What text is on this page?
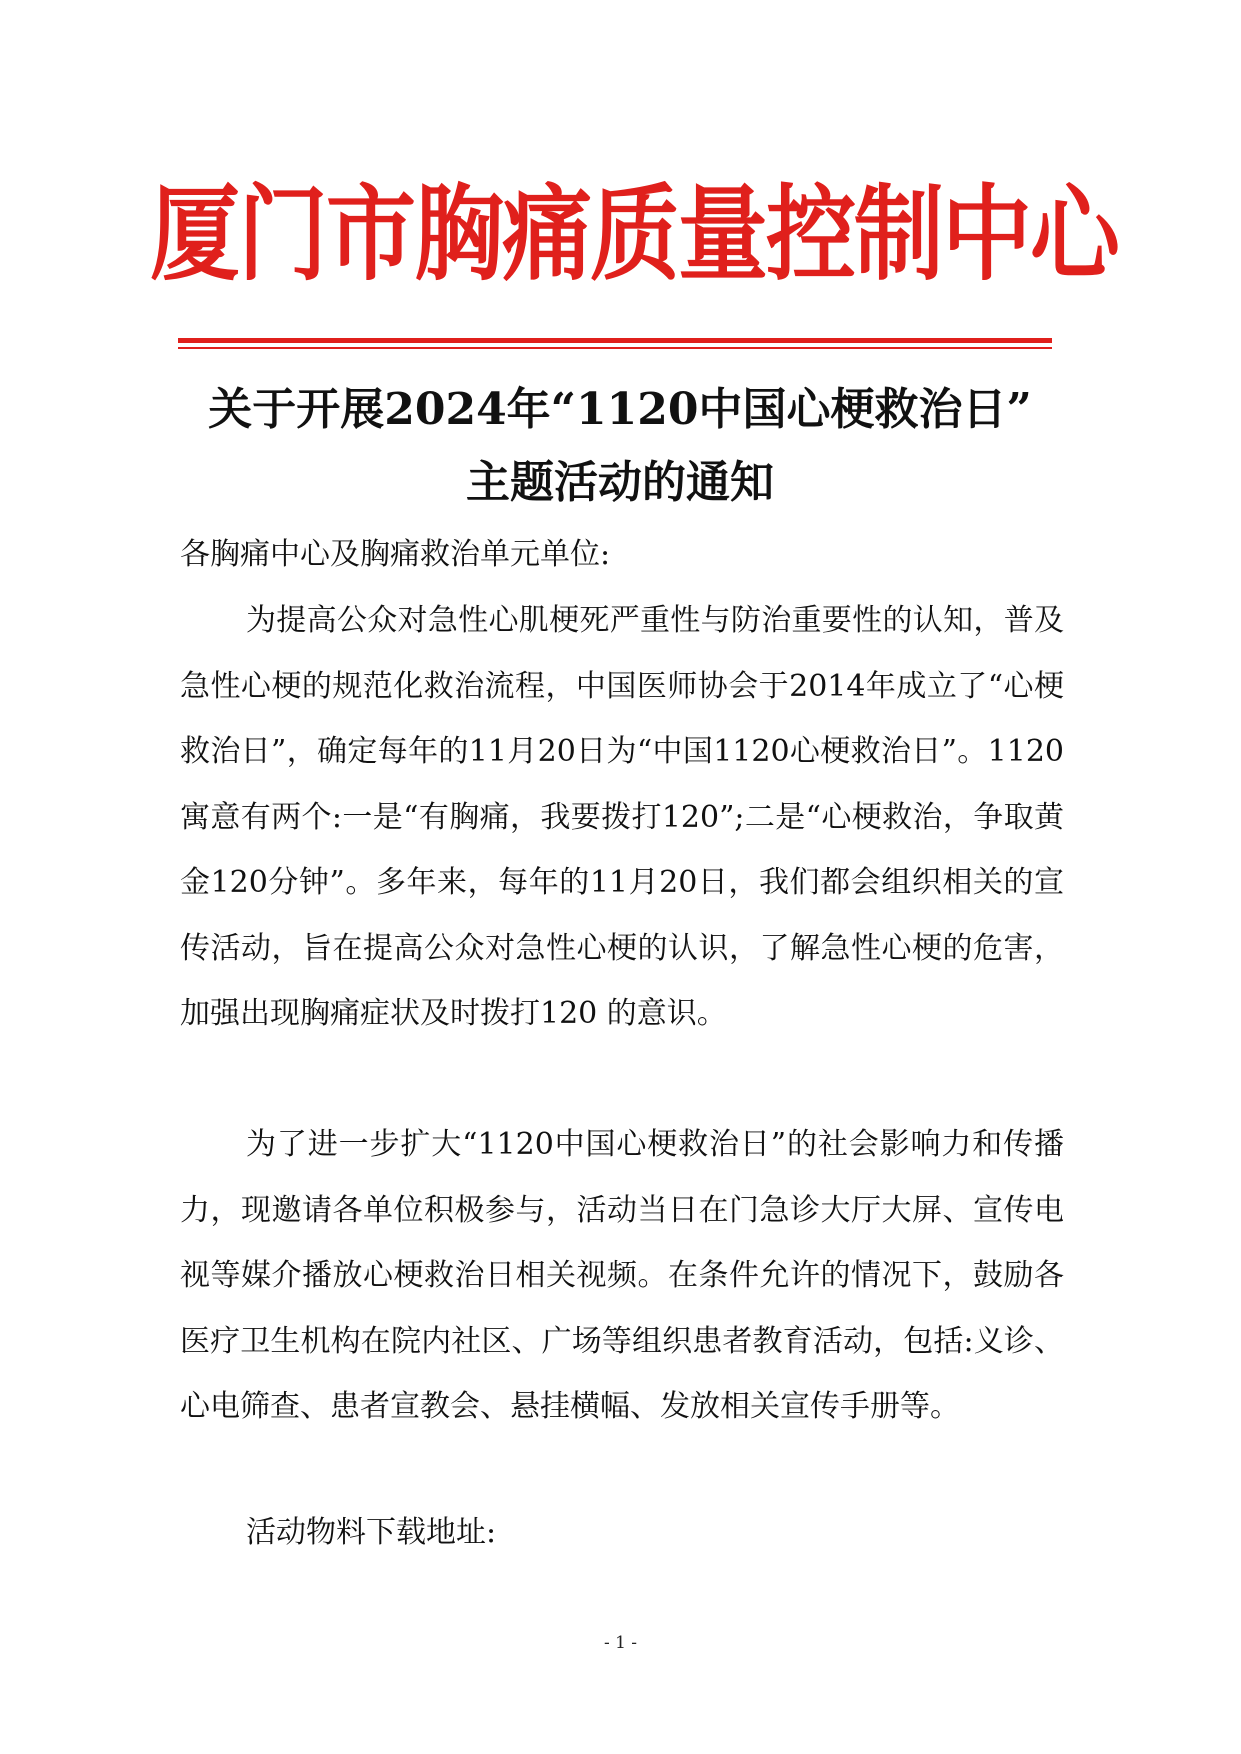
厦门市胸痛质量控制中心
关于开展2024年“1120中国心梗救治日”
主题活动的通知
各胸痛中心及胸痛救治单元单位:

为提高公众对急性心肌梗死严重性与防治重要性的认知，普及急性心梗的规范化救治流程，中国医师协会于2014年成立了“心梗救治日”，确定每年的11月20日为“中国1120心梗救治日”。1120寓意有两个:一是“有胸痛，我要拨打120”;二是“心梗救治，争取黄金120分钟”。多年来，每年的11月20日，我们都会组织相关的宣传活动，旨在提高公众对急性心梗的认识，了解急性心梗的危害，加强出现胸痛症状及时拨打120 的意识。

为了进一步扩大“1120中国心梗救治日”的社会影响力和传播力，现邀请各单位积极参与，活动当日在门急诊大厅大屏、宣传电视等媒介播放心梗救治日相关视频。在条件允许的情况下，鼓励各医疗卫生机构在院内社区、广场等组织患者教育活动，包括:义诊、心电筛查、患者宣教会、悬挂横幅、发放相关宣传手册等。

活动物料下载地址:

- 1 -
